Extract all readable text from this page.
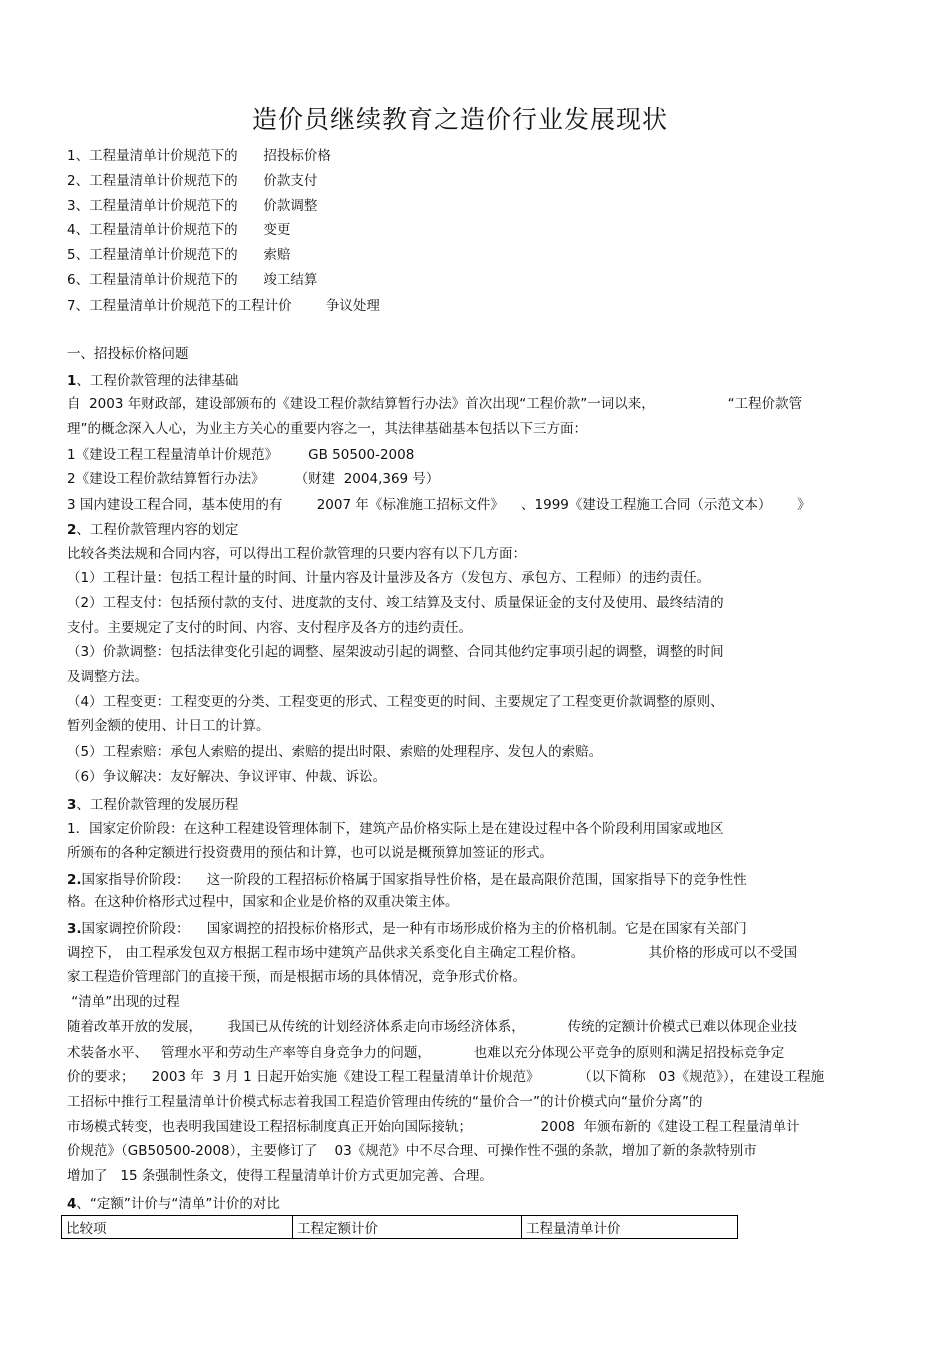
造价员继续教育之造价行业发展现状
1、工程量清单计价规范下的      招投标价格
2、工程量清单计价规范下的      价款支付
3、工程量清单计价规范下的      价款调整
4、工程量清单计价规范下的      变更
5、工程量清单计价规范下的      索赔
6、工程量清单计价规范下的      竣工结算
7、工程量清单计价规范下的工程计价        争议处理
一、招投标价格问题
1、工程价款管理的法律基础
自  2003 年财政部，建设部颁布的《建设工程价款结算暂行办法》首次出现“工程价款”一词以来，                 “工程价款管
理”的概念深入人心，为业主方关心的重要内容之一，其法律基础基本包括以下三方面：
1《建设工程工程量清单计价规范》       GB 50500-2008
2《建设工程价款结算暂行办法》       （财建  2004,369 号）
3 国内建设工程合同，基本使用的有        2007 年《标准施工招标文件》    、1999《建设工程施工合同（示范文本）      》
2、工程价款管理内容的划定
比较各类法规和合同内容，可以得出工程价款管理的只要内容有以下几方面：
（1）工程计量：包括工程计量的时间、计量内容及计量涉及各方（发包方、承包方、工程师）的违约责任。
（2）工程支付：包括预付款的支付、进度款的支付、竣工结算及支付、质量保证金的支付及使用、最终结清的
支付。主要规定了支付的时间、内容、支付程序及各方的违约责任。
（3）价款调整：包括法律变化引起的调整、屋架波动引起的调整、合同其他约定事项引起的调整，调整的时间
及调整方法。
（4）工程变更：工程变更的分类、工程变更的形式、工程变更的时间、主要规定了工程变更价款调整的原则、
暂列金额的使用、计日工的计算。
（5）工程索赔：承包人索赔的提出、索赔的提出时限、索赔的处理程序、发包人的索赔。
（6）争议解决：友好解决、争议评审、仲裁、诉讼。
3、工程价款管理的发展历程
1．国家定价阶段：在这种工程建设管理体制下，建筑产品价格实际上是在建设过程中各个阶段利用国家或地区
所颁布的各种定额进行投资费用的预估和计算，也可以说是概预算加签证的形式。
2.国家指导价阶段：    这一阶段的工程招标价格属于国家指导性价格，是在最高限价范围，国家指导下的竞争性性
格。在这种价格形式过程中，国家和企业是价格的双重决策主体。
3.国家调控价阶段：    国家调控的招投标价格形式，是一种有市场形成价格为主的价格机制。它是在国家有关部门
调控下， 由工程承发包双方根据工程市场中建筑产品供求关系变化自主确定工程价格。               其价格的形成可以不受国
家工程造价管理部门的直接干预，而是根据市场的具体情况，竞争形式价格。
“清单”出现的过程
随着改革开放的发展，      我国已从传统的计划经济体系走向市场经济体系，          传统的定额计价模式已难以体现企业技
术装备水平、   管理水平和劳动生产率等自身竞争力的问题，          也难以充分体现公平竞争的原则和满足招投标竞争定
价的要求；    2003 年  3 月 1 日起开始实施《建设工程工程量清单计价规范》         （以下简称   03《规范》），在建设工程施
工招标中推行工程量清单计价模式标志着我国工程造价管理由传统的“量价合一”的计价模式向“量价分离”的
市场模式转变，也表明我国建设工程招标制度真正开始向国际接轨；                2008  年颁布新的《建设工程工程量清单计
价规范》（GB50500-2008），主要修订了    03《规范》中不尽合理、可操作性不强的条款，增加了新的条款特别市
增加了   15 条强制性条文，使得工程量清单计价方式更加完善、合理。
4、“定额”计价与“清单”计价的对比
比较项	工程定额计价	工程量清单计价
